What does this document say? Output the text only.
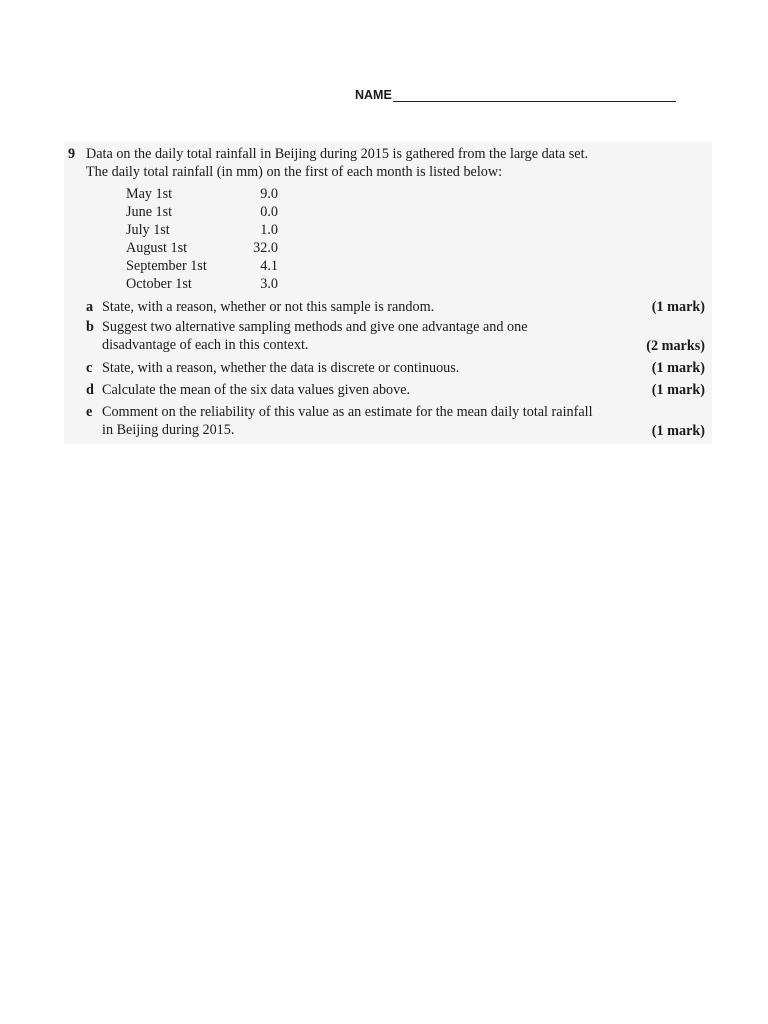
NAME
9 Data on the daily total rainfall in Beijing during 2015 is gathered from the large data set.
The daily total rainfall (in mm) on the first of each month is listed below:
May 1st	9.0
June 1st	0.0
July 1st	1.0
August 1st	32.0
September 1st	4.1
October 1st	3.0
a State, with a reason, whether or not this sample is random.	(1 mark)
b Suggest two alternative sampling methods and give one advantage and one
disadvantage of each in this context.	(2 marks)
c State, with a reason, whether the data is discrete or continuous.	(1 mark)
d Calculate the mean of the six data values given above.	(1 mark)
e Comment on the reliability of this value as an estimate for the mean daily total rainfall
in Beijing during 2015.	(1 mark)
